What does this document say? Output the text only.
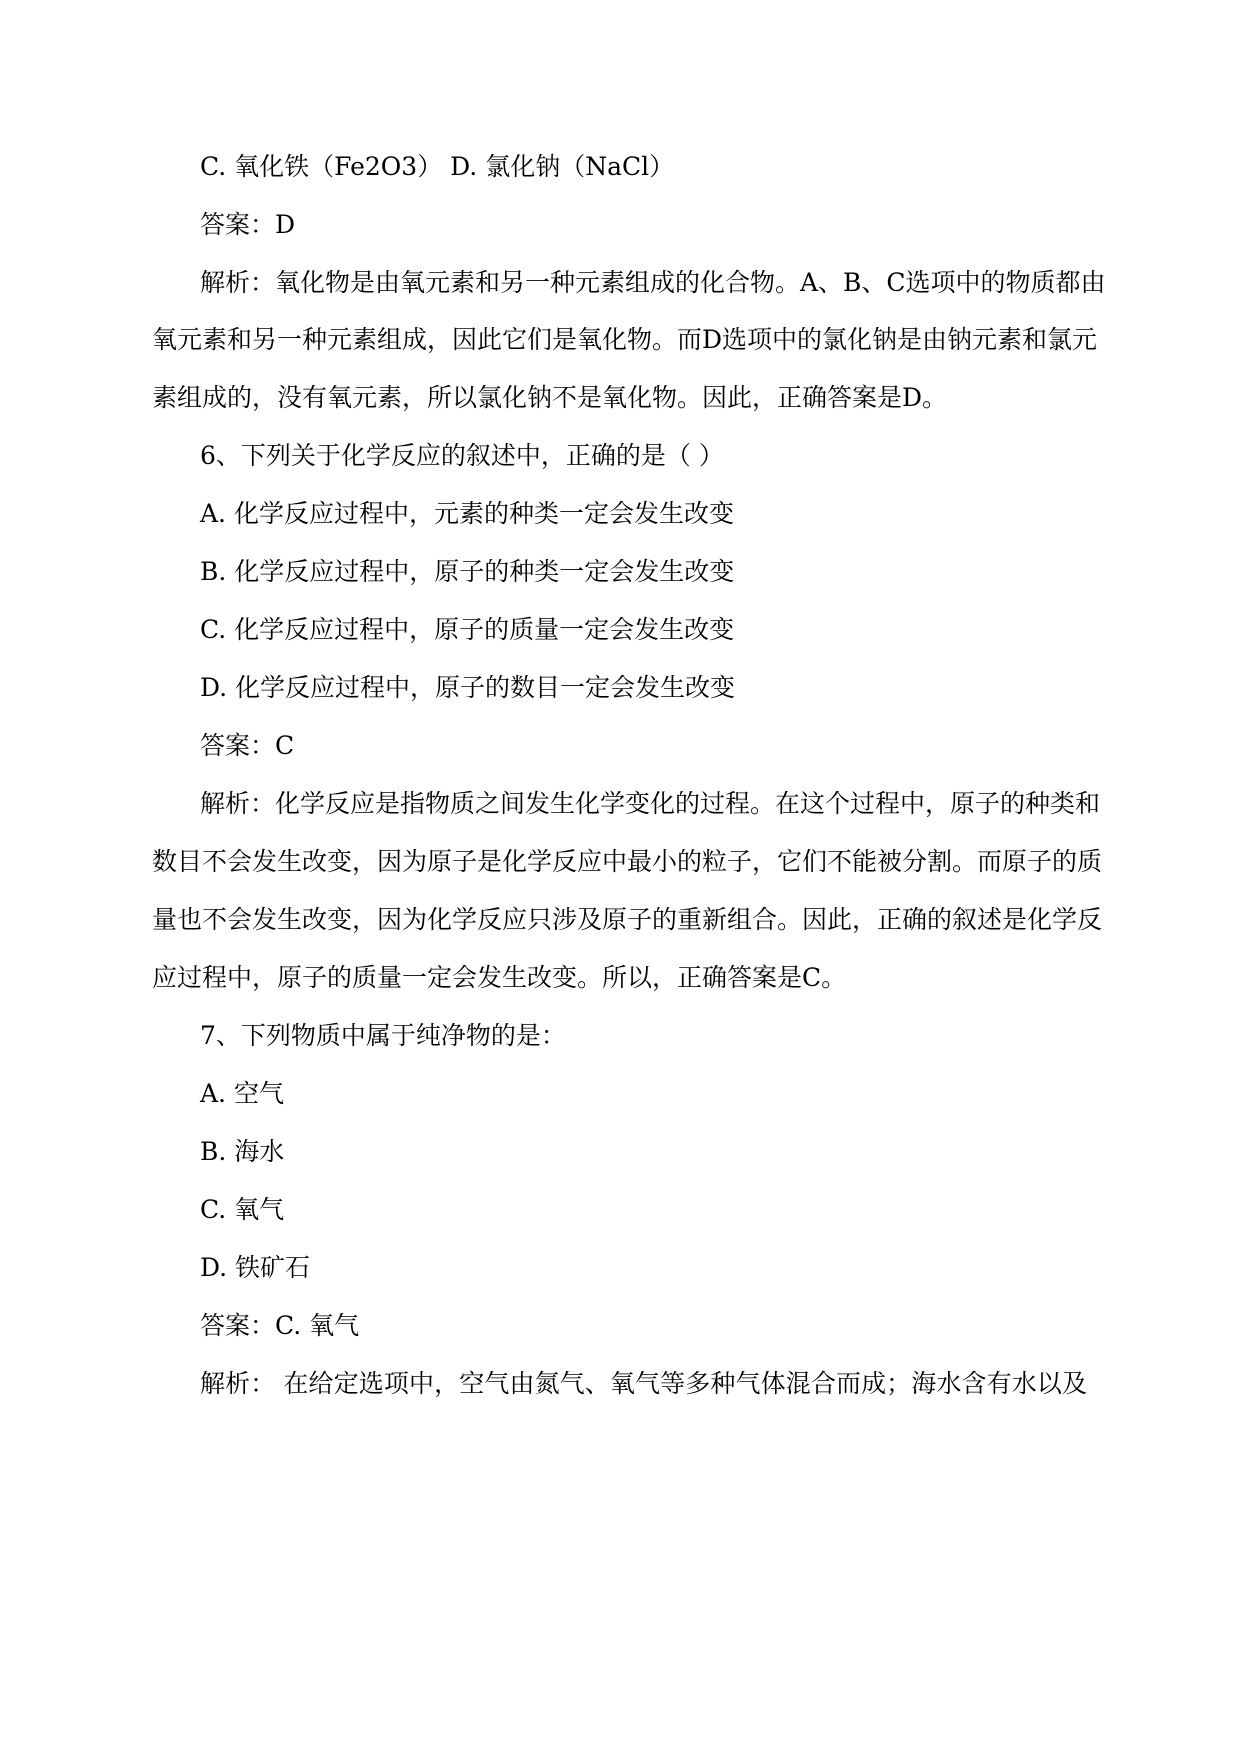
C. 氧化铁（Fe2O3） D. 氯化钠（NaCl）
答案：D
解析：氧化物是由氧元素和另一种元素组成的化合物。A、B、C选项中的物质都由
氧元素和另一种元素组成，因此它们是氧化物。而D选项中的氯化钠是由钠元素和氯元
素组成的，没有氧元素，所以氯化钠不是氧化物。因此，正确答案是D。
6、下列关于化学反应的叙述中，正确的是（ ）
A. 化学反应过程中，元素的种类一定会发生改变
B. 化学反应过程中，原子的种类一定会发生改变
C. 化学反应过程中，原子的质量一定会发生改变
D. 化学反应过程中，原子的数目一定会发生改变
答案：C
解析：化学反应是指物质之间发生化学变化的过程。在这个过程中，原子的种类和
数目不会发生改变，因为原子是化学反应中最小的粒子，它们不能被分割。而原子的质
量也不会发生改变，因为化学反应只涉及原子的重新组合。因此，正确的叙述是化学反
应过程中，原子的质量一定会发生改变。所以，正确答案是C。
7、下列物质中属于纯净物的是：
A. 空气
B. 海水
C. 氧气
D. 铁矿石
答案：C. 氧气
解析： 在给定选项中，空气由氮气、氧气等多种气体混合而成；海水含有水以及
